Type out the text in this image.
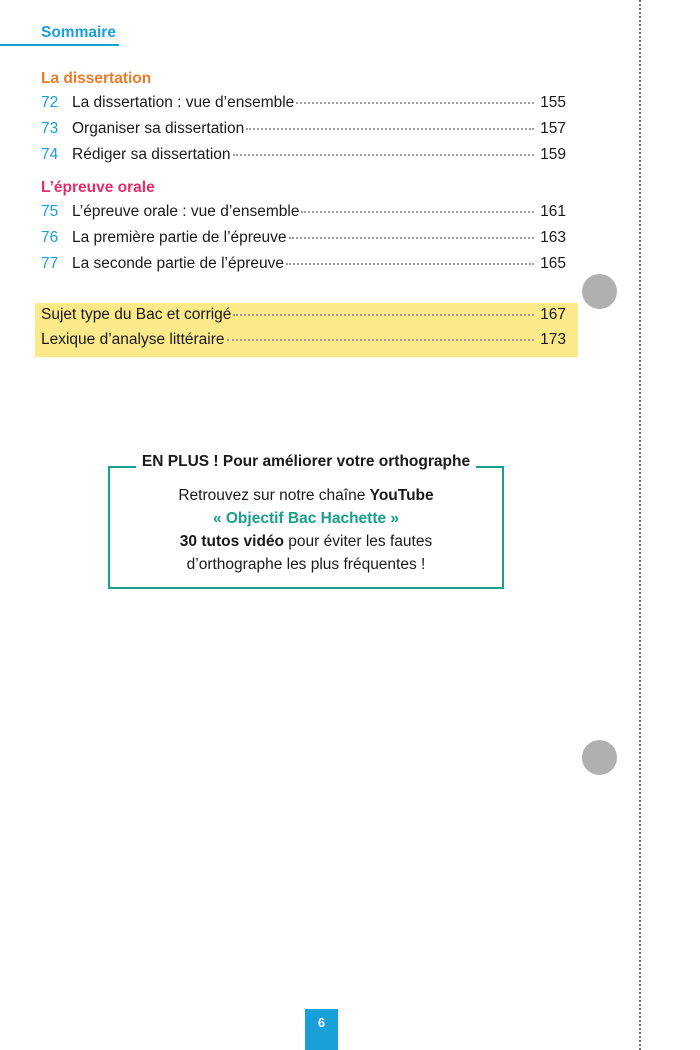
Sommaire
La dissertation
72 La dissertation : vue d’ensemble	155
73 Organiser sa dissertation	157
74 Rédiger sa dissertation	159
L’épreuve orale
75 L’épreuve orale : vue d’ensemble	161
76 La première partie de l’épreuve	163
77 La seconde partie de l’épreuve	165
Sujet type du Bac et corrigé	167
Lexique d’analyse littéraire	173
EN PLUS ! Pour améliorer votre orthographe
Retrouvez sur notre chaîne YouTube
« Objectif Bac Hachette »
30 tutos vidéo pour éviter les fautes
d’orthographe les plus fréquentes !
6
